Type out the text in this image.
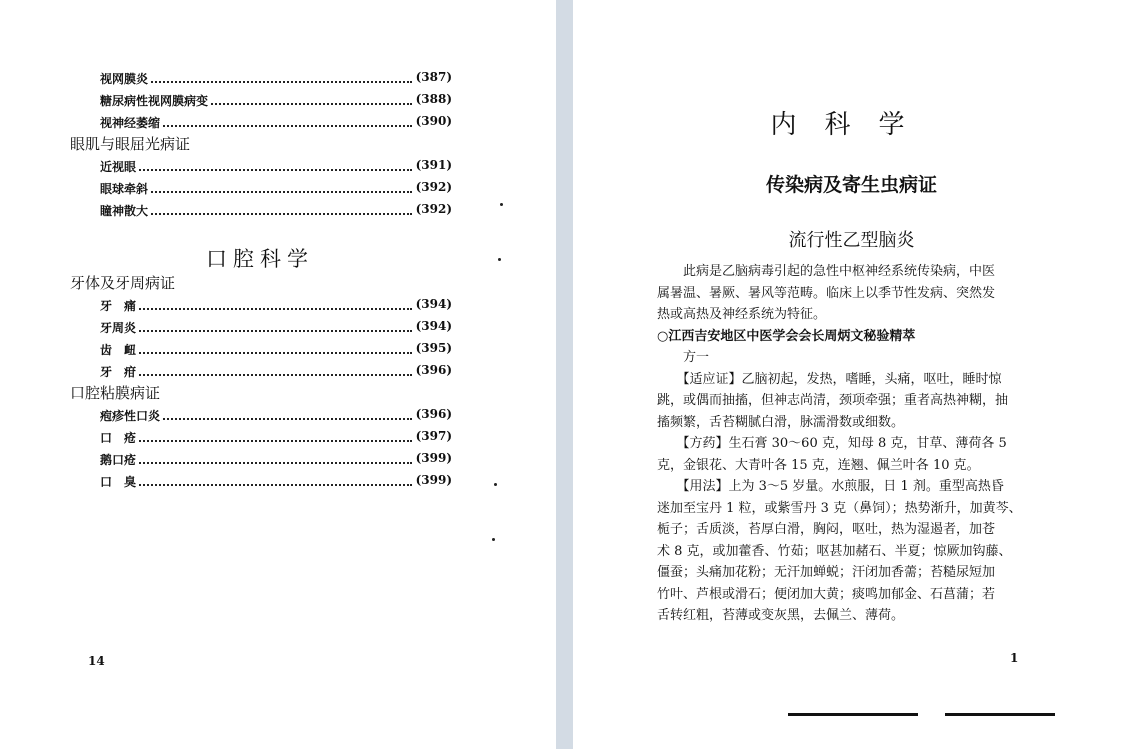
视网膜炎	(387)
糖尿病性视网膜病变	(388)
视神经萎缩	(390)
眼肌与眼屈光病证
近视眼	(391)
眼球牵斜	(392)
瞳神散大	(392)
口腔科学
牙体及牙周病证
牙　痛	(394)
牙周炎	(394)
齿　衄	(395)
牙　疳	(396)
口腔粘膜病证
疱疹性口炎	(396)
口　疮	(397)
鹅口疮	(399)
口　臭	(399)
14
内科学
传染病及寄生虫病证
流行性乙型脑炎
　　此病是乙脑病毒引起的急性中枢神经系统传染病，中医
属暑温、暑厥、暑风等范畴。临床上以季节性发病、突然发
热或高热及神经系统为特征。
○江西吉安地区中医学会会长周炳文秘验精萃
　　方一
　　【适应证】乙脑初起，发热，嗜睡，头痛，呕吐，睡时惊
跳，或偶而抽搐，但神志尚清，颈项牵强；重者高热神糊，抽
搐频繁，舌苔糊腻白滑，脉濡滑数或细数。
　　【方药】生石膏 30～60 克，知母 8 克，甘草、薄荷各 5
克，金银花、大青叶各 15 克，连翘、佩兰叶各 10 克。
　　【用法】上为 3～5 岁量。水煎服，日 1 剂。重型高热昏
迷加至宝丹 1 粒，或紫雪丹 3 克（鼻饲）；热势渐升，加黄芩、
栀子；舌质淡，苔厚白滑，胸闷，呕吐，热为湿遏者，加苍
术 8 克，或加藿香、竹茹；呕甚加赭石、半夏；惊厥加钩藤、
僵蚕；头痛加花粉；无汗加蝉蜕；汗闭加香薷；苔糙尿短加
竹叶、芦根或滑石；便闭加大黄；痰鸣加郁金、石菖蒲；若
舌转红粗，苔薄或变灰黑，去佩兰、薄荷。
1
